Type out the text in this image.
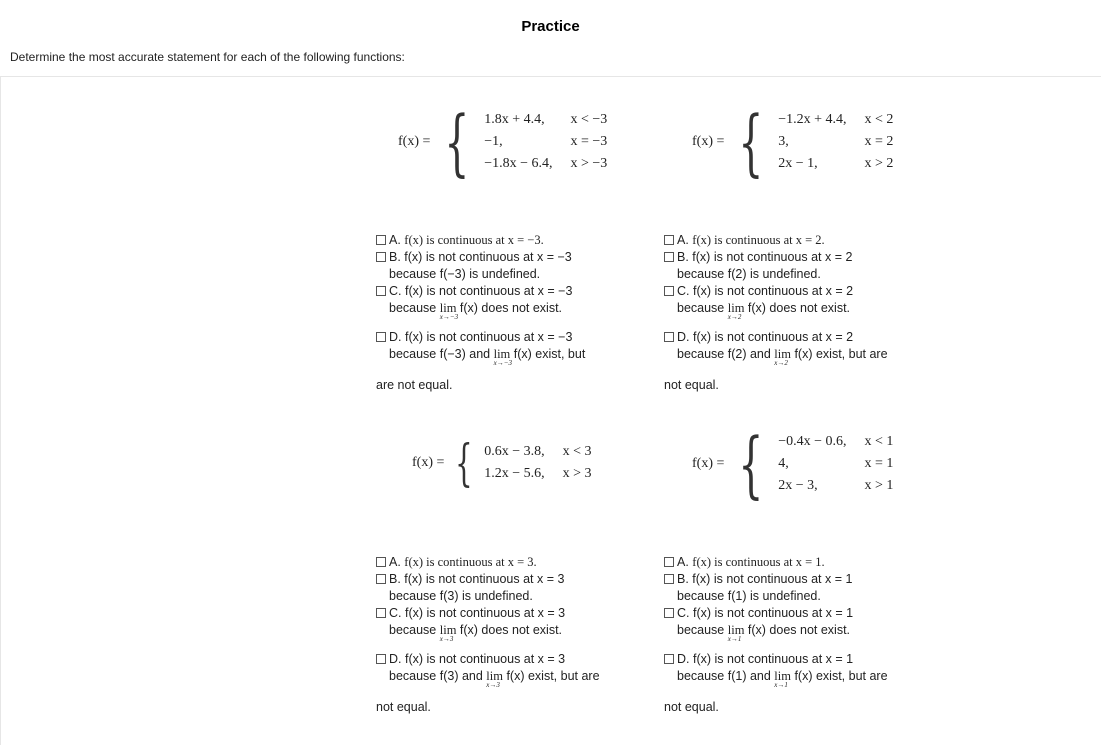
Practice
Determine the most accurate statement for each of the following functions:
f(x) = { 1.8x + 4.4,	x < −3
−1,	x = −3
−1.8x − 6.4,	x > −3
f(x) = { −1.2x + 4.4,	x < 2
3,	x = 2
2x − 1,	x > 2
f(x) = { 0.6x − 3.8,	x < 3
1.2x − 5.6,	x > 3
f(x) = { −0.4x − 0.6,	x < 1
4,	x = 1
2x − 3,	x > 1
A. f(x) is continuous at x = −3.
B. f(x) is not continuous at x = −3
because f(−3) is undefined.
C. f(x) is not continuous at x = −3
because lim
x→−3
f(x) does not exist.
D. f(x) is not continuous at x = −3
because f(−3) and lim
x→−3
f(x) exist, but
are not equal.
A. f(x) is continuous at x = 2.
B. f(x) is not continuous at x = 2
because f(2) is undefined.
C. f(x) is not continuous at x = 2
because lim
x→2
f(x) does not exist.
D. f(x) is not continuous at x = 2
because f(2) and lim
x→2
f(x) exist, but are
not equal.
A. f(x) is continuous at x = 3.
B. f(x) is not continuous at x = 3
because f(3) is undefined.
C. f(x) is not continuous at x = 3
because lim
x→3
f(x) does not exist.
D. f(x) is not continuous at x = 3
because f(3) and lim
x→3
f(x) exist, but are
not equal.
A. f(x) is continuous at x = 1.
B. f(x) is not continuous at x = 1
because f(1) is undefined.
C. f(x) is not continuous at x = 1
because lim
x→1
f(x) does not exist.
D. f(x) is not continuous at x = 1
because f(1) and lim
x→1
f(x) exist, but are
not equal.
